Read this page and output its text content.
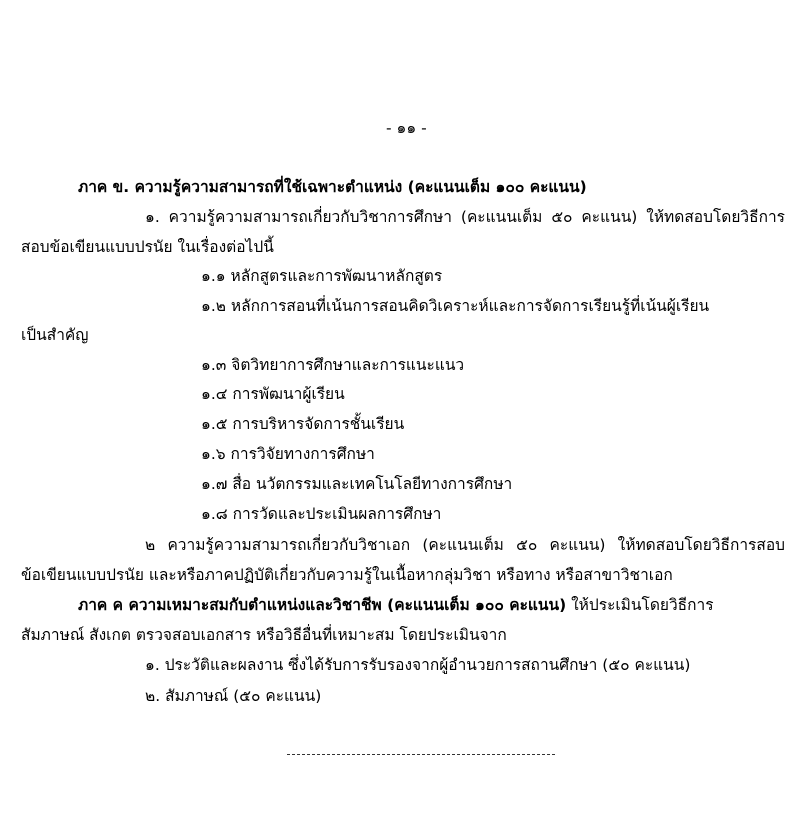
- ๑๑ -
ภาค ข. ความรู้ความสามารถที่ใช้เฉพาะตำแหน่ง (คะแนนเต็ม ๑๐๐ คะแนน)
๑. ความรู้ความสามารถเกี่ยวกับวิชาการศึกษา (คะแนนเต็ม ๕๐ คะแนน) ให้ทดสอบโดยวิธีการ
สอบข้อเขียนแบบปรนัย ในเรื่องต่อไปนี้
๑.๑ หลักสูตรและการพัฒนาหลักสูตร
๑.๒ หลักการสอนที่เน้นการสอนคิดวิเคราะห์และการจัดการเรียนรู้ที่เน้นผู้เรียน
เป็นสำคัญ
๑.๓ จิตวิทยาการศึกษาและการแนะแนว
๑.๔ การพัฒนาผู้เรียน
๑.๕ การบริหารจัดการชั้นเรียน
๑.๖ การวิจัยทางการศึกษา
๑.๗ สื่อ นวัตกรรมและเทคโนโลยีทางการศึกษา
๑.๘ การวัดและประเมินผลการศึกษา
๒ ความรู้ความสามารถเกี่ยวกับวิชาเอก (คะแนนเต็ม ๕๐ คะแนน) ให้ทดสอบโดยวิธีการสอบ
ข้อเขียนแบบปรนัย และหรือภาคปฏิบัติเกี่ยวกับความรู้ในเนื้อหากลุ่มวิชา หรือทาง หรือสาขาวิชาเอก
ภาค ค ความเหมาะสมกับตำแหน่งและวิชาชีพ (คะแนนเต็ม ๑๐๐ คะแนน) ให้ประเมินโดยวิธีการ
สัมภาษณ์ สังเกต ตรวจสอบเอกสาร หรือวิธีอื่นที่เหมาะสม โดยประเมินจาก
๑. ประวัติและผลงาน ซึ่งได้รับการรับรองจากผู้อำนวยการสถานศึกษา (๕๐ คะแนน)
๒. สัมภาษณ์ (๕๐ คะแนน)
